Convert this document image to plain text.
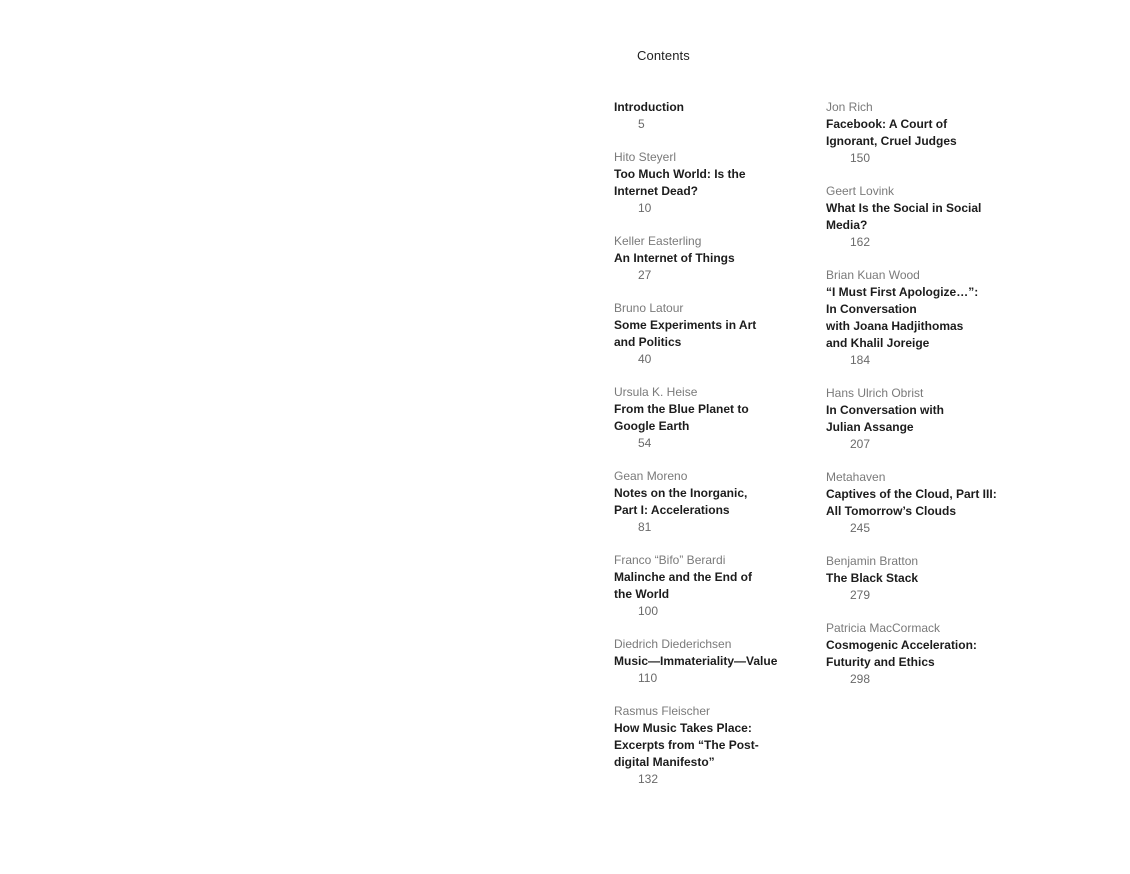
Contents
Introduction
5
Hito Steyerl
Too Much World: Is the
Internet Dead?
10
Keller Easterling
An Internet of Things
27
Bruno Latour
Some Experiments in Art
and Politics
40
Ursula K. Heise
From the Blue Planet to
Google Earth
54
Gean Moreno
Notes on the Inorganic,
Part I: Accelerations
81
Franco “Bifo” Berardi
Malinche and the End of
the World
100
Diedrich Diederichsen
Music—Immateriality—Value
110
Rasmus Fleischer
How Music Takes Place:
Excerpts from “The Post-
digital Manifesto”
132
Jon Rich
Facebook: A Court of
Ignorant, Cruel Judges
150
Geert Lovink
What Is the Social in Social
Media?
162
Brian Kuan Wood
“I Must First Apologize…”:
In Conversation
with Joana Hadjithomas
and Khalil Joreige
184
Hans Ulrich Obrist
In Conversation with
Julian Assange
207
Metahaven
Captives of the Cloud, Part III:
All Tomorrow’s Clouds
245
Benjamin Bratton
The Black Stack
279
Patricia MacCormack
Cosmogenic Acceleration:
Futurity and Ethics
298
